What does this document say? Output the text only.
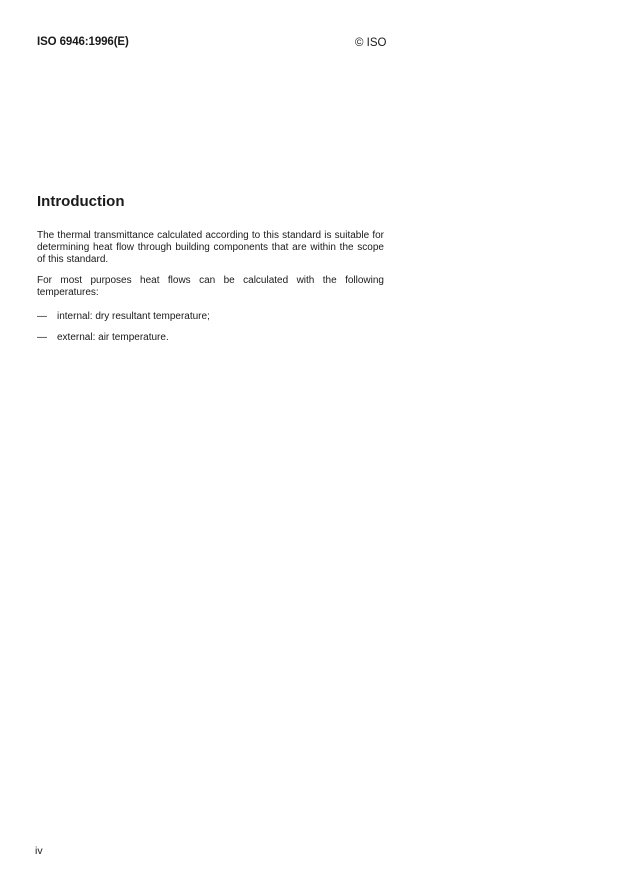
ISO 6946:1996(E)	© ISO
Introduction

The thermal transmittance calculated according to this standard is suitable for determining heat flow through building components that are within the scope of this standard.

For most purposes heat flows can be calculated with the following temperatures:

—	internal: dry resultant temperature;
—	external: air temperature.
iv
